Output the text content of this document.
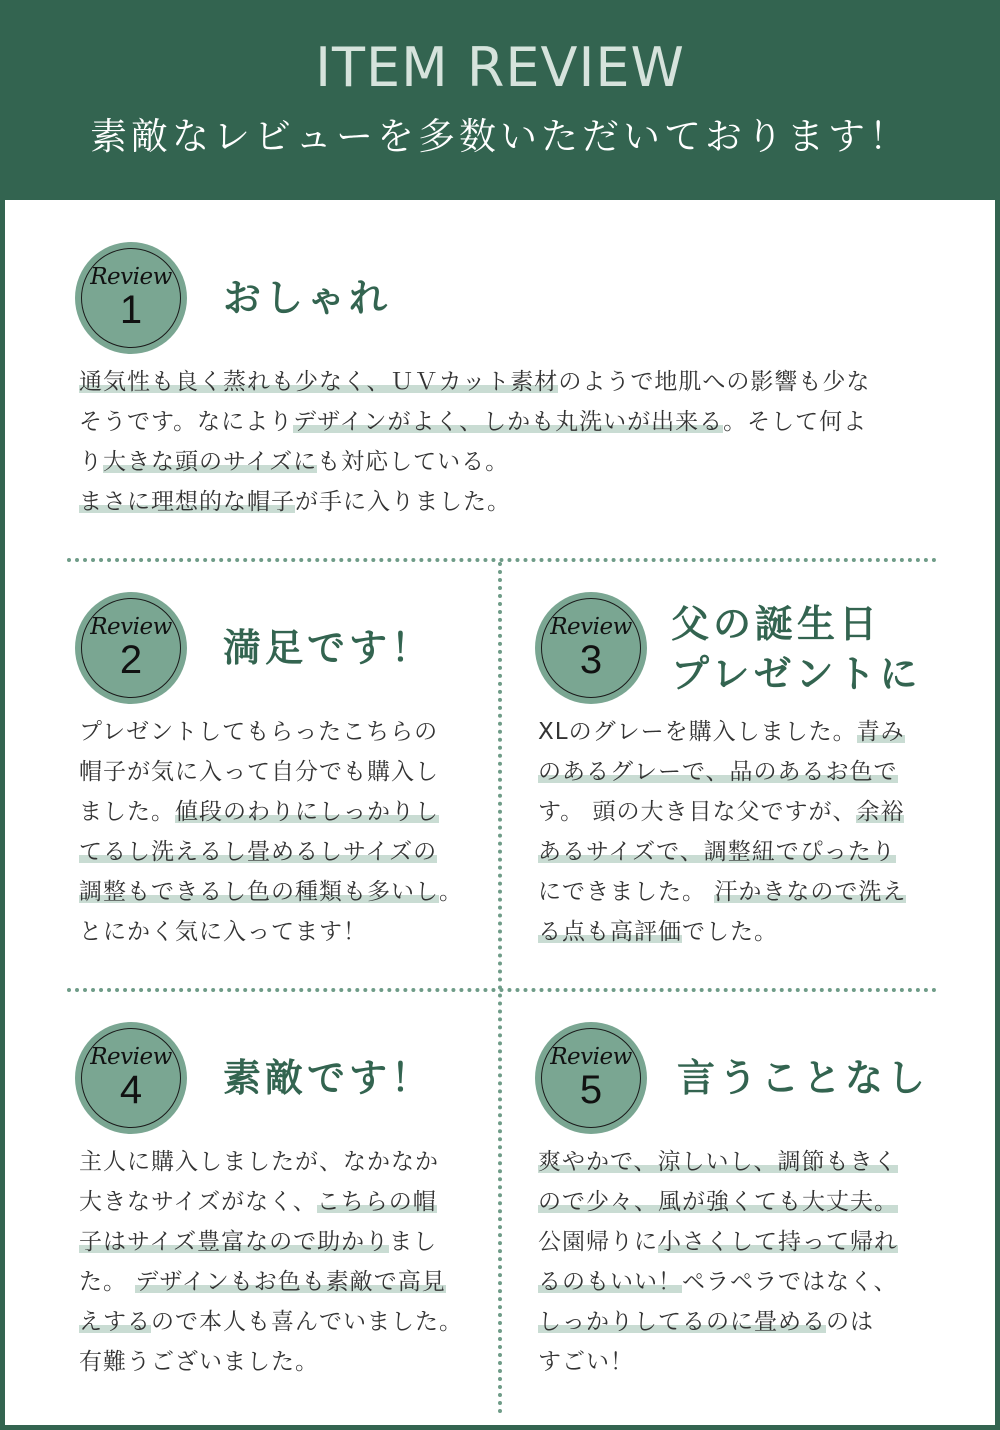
ITEM REVIEW
素敵なレビューを多数いただいております！
Review
1	おしゃれ
通気性も良く蒸れも少なく、ＵＶカット素材のようで地肌への影響も少な
そうです。なによりデザインがよく、しかも丸洗いが出来る。そして何よ
り大きな頭のサイズにも対応している。
まさに理想的な帽子が手に入りました。
Review
2	満足です！
プレゼントしてもらったこちらの
帽子が気に入って自分でも購入し
ました。値段のわりにしっかりし
てるし洗えるし畳めるしサイズの
調整もできるし色の種類も多いし。
とにかく気に入ってます！
Review
3
父の誕生日
プレゼントに
XLのグレーを購入しました。青み
のあるグレーで、品のあるお色で
す。 頭の大き目な父ですが、余裕
あるサイズで、調整紐でぴったり
にできました。 汗かきなので洗え
る点も高評価でした。
Review
4	素敵です！
主人に購入しましたが、なかなか
大きなサイズがなく、こちらの帽
子はサイズ豊富なので助かりまし
た。 デザインもお色も素敵で高見
えするので本人も喜んでいました。
有難うございました。
Review
5	言うことなし
爽やかで、涼しいし、調節もきく
ので少々、風が強くても大丈夫。
公園帰りに小さくして持って帰れ
るのもいい！ペラペラではなく、
しっかりしてるのに畳めるのは
すごい！
